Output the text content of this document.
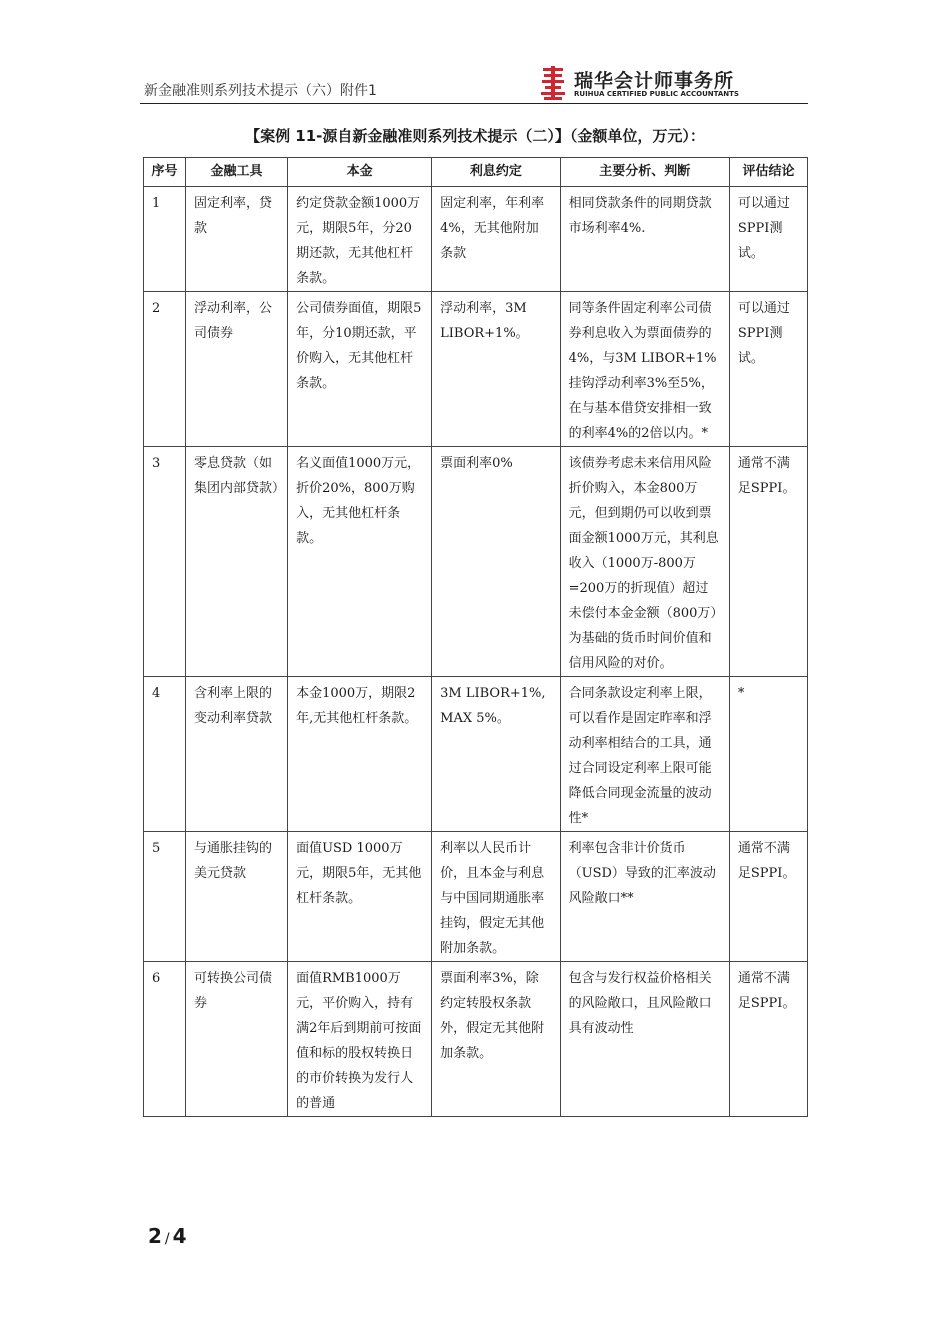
新金融准则系列技术提示（六）附件1	瑞华会计师事务所
RUIHUA CERTIFIED PUBLIC ACCOUNTANTS
【案例 11-源自新金融准则系列技术提示（二）】（金额单位，万元）：
序号	金融工具	本金	利息约定	主要分析、判断	评估结论
1	固定利率，贷款	约定贷款金额1000万元，期限5年，分20期还款，无其他杠杆条款。	固定利率，年利率4%，无其他附加条款	相同贷款条件的同期贷款市场利率4%.	可以通过SPPI测试。
2	浮动利率，公司债券	公司债券面值，期限5年，分10期还款，平价购入，无其他杠杆条款。	浮动利率，3M LIBOR+1%。	同等条件固定利率公司债券利息收入为票面债券的4%，与3M LIBOR+1%挂钩浮动利率3%至5%，在与基本借贷安排相一致的利率4%的2倍以内。*	可以通过SPPI测试。
3	零息贷款（如集团内部贷款）	名义面值1000万元，折价20%，800万购入，无其他杠杆条款。	票面利率0%	该债券考虑未来信用风险折价购入，本金800万元，但到期仍可以收到票面金额1000万元，其利息收入（1000万-800万=200万的折现值）超过未偿付本金金额（800万）为基础的货币时间价值和信用风险的对价。	通常不满足SPPI。
4	含利率上限的变动利率贷款	本金1000万，期限2年,无其他杠杆条款。	3M LIBOR+1%, MAX 5%。	合同条款设定利率上限，可以看作是固定昨率和浮动利率相结合的工具，通过合同设定利率上限可能降低合同现金流量的波动性*	*
5	与通胀挂钩的美元贷款	面值USD 1000万元，期限5年，无其他杠杆条款。	利率以人民币计价，且本金与利息与中国同期通胀率挂钩，假定无其他附加条款。	利率包含非计价货币（USD）导致的汇率波动风险敞口**	通常不满足SPPI。
6	可转换公司债券	面值RMB1000万元，平价购入，持有满2年后到期前可按面值和标的股权转换日的市价转换为发行人的普通	票面利率3%，除约定转股权条款外，假定无其他附加条款。	包含与发行权益价格相关的风险敞口，且风险敞口具有波动性	通常不满足SPPI。
2 / 4
